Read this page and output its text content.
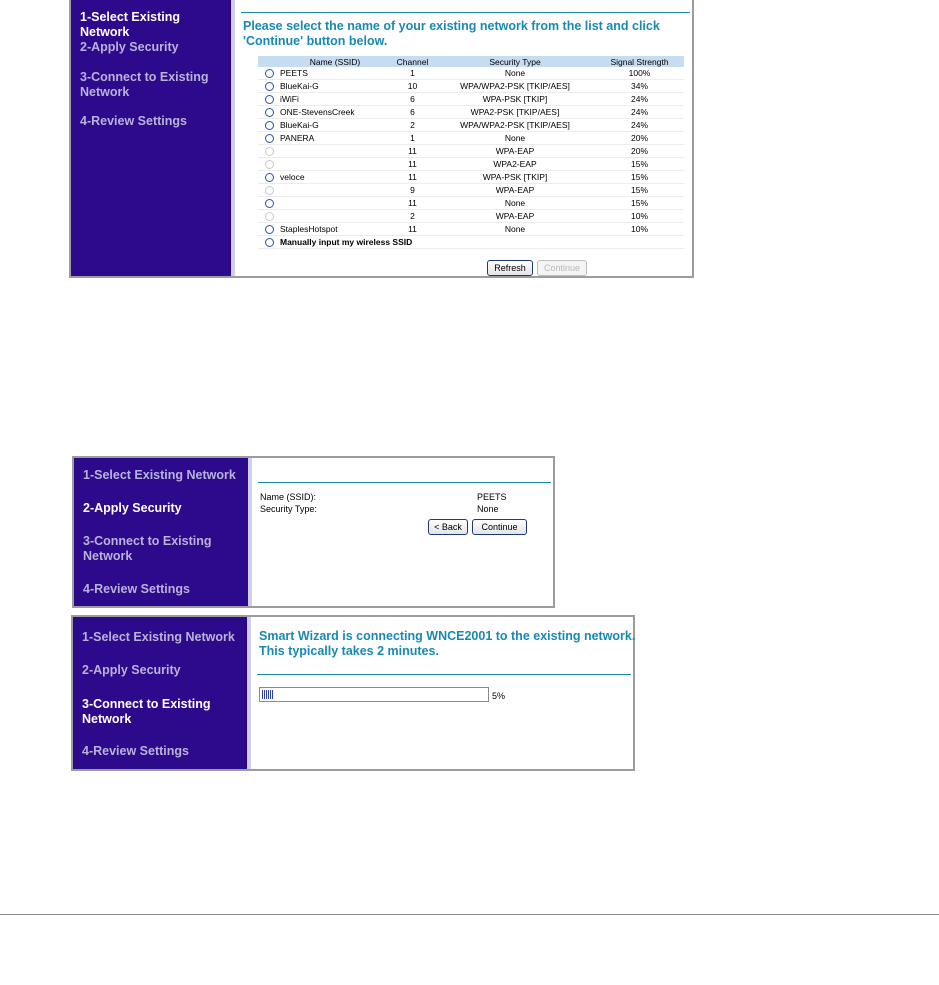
1-Select Existing Network
2-Apply Security
3-Connect to Existing Network
4-Review Settings
Please select the name of your existing network from the list and click 'Continue' button below.
	Name (SSID)	Channel	Security Type	Signal Strength
	PEETS	1	None	100%
	BlueKai-G	10	WPA/WPA2-PSK [TKIP/AES]	34%
	iWiFi	6	WPA-PSK [TKIP]	24%
	ONE-StevensCreek	6	WPA2-PSK [TKIP/AES]	24%
	BlueKai-G	2	WPA/WPA2-PSK [TKIP/AES]	24%
	PANERA	1	None	20%
		11	WPA-EAP	20%
		11	WPA2-EAP	15%
	veloce	11	WPA-PSK [TKIP]	15%
		9	WPA-EAP	15%
		11	None	15%
		2	WPA-EAP	10%
	StaplesHotspot	11	None	10%
	Manually input my wireless SSID			
Refresh	Continue
1-Select Existing Network
2-Apply Security
3-Connect to Existing Network
4-Review Settings
Name (SSID):	PEETS
Security Type:	None
< Back	Continue
1-Select Existing Network
2-Apply Security
3-Connect to Existing Network
4-Review Settings
Smart Wizard is connecting WNCE2001 to the existing network. This typically takes 2 minutes.
5%
